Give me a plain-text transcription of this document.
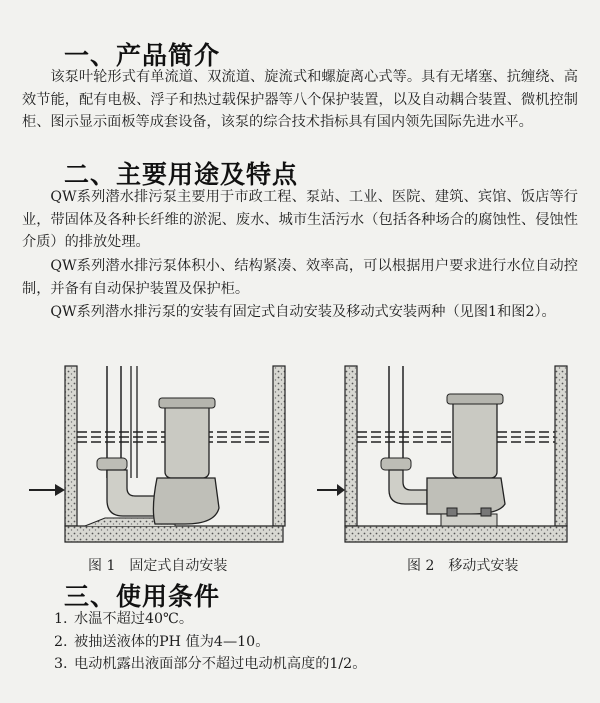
一、产品简介

该泵叶轮形式有单流道、双流道、旋流式和螺旋离心式等。具有无堵塞、抗缠绕、高效节能，配有电极、浮子和热过载保护器等八个保护装置，以及自动耦合装置、微机控制柜、图示显示面板等成套设备，该泵的综合技术指标具有国内领先国际先进水平。

二、主要用途及特点

QW系列潜水排污泵主要用于市政工程、泵站、工业、医院、建筑、宾馆、饭店等行业，带固体及各种长纤维的淤泥、废水、城市生活污水（包括各种场合的腐蚀性、侵蚀性介质）的排放处理。

QW系列潜水排污泵体积小、结构紧凑、效率高，可以根据用户要求进行水位自动控制，并备有自动保护装置及保护柜。

QW系列潜水排污泵的安装有固定式自动安装及移动式安装两种（见图1和图2）。

图 1　固定式自动安装	图 2　移动式安装
三、使用条件
1. 水温不超过40℃。
2. 被抽送液体的PH 值为4—10。
3. 电动机露出液面部分不超过电动机高度的1/2。
